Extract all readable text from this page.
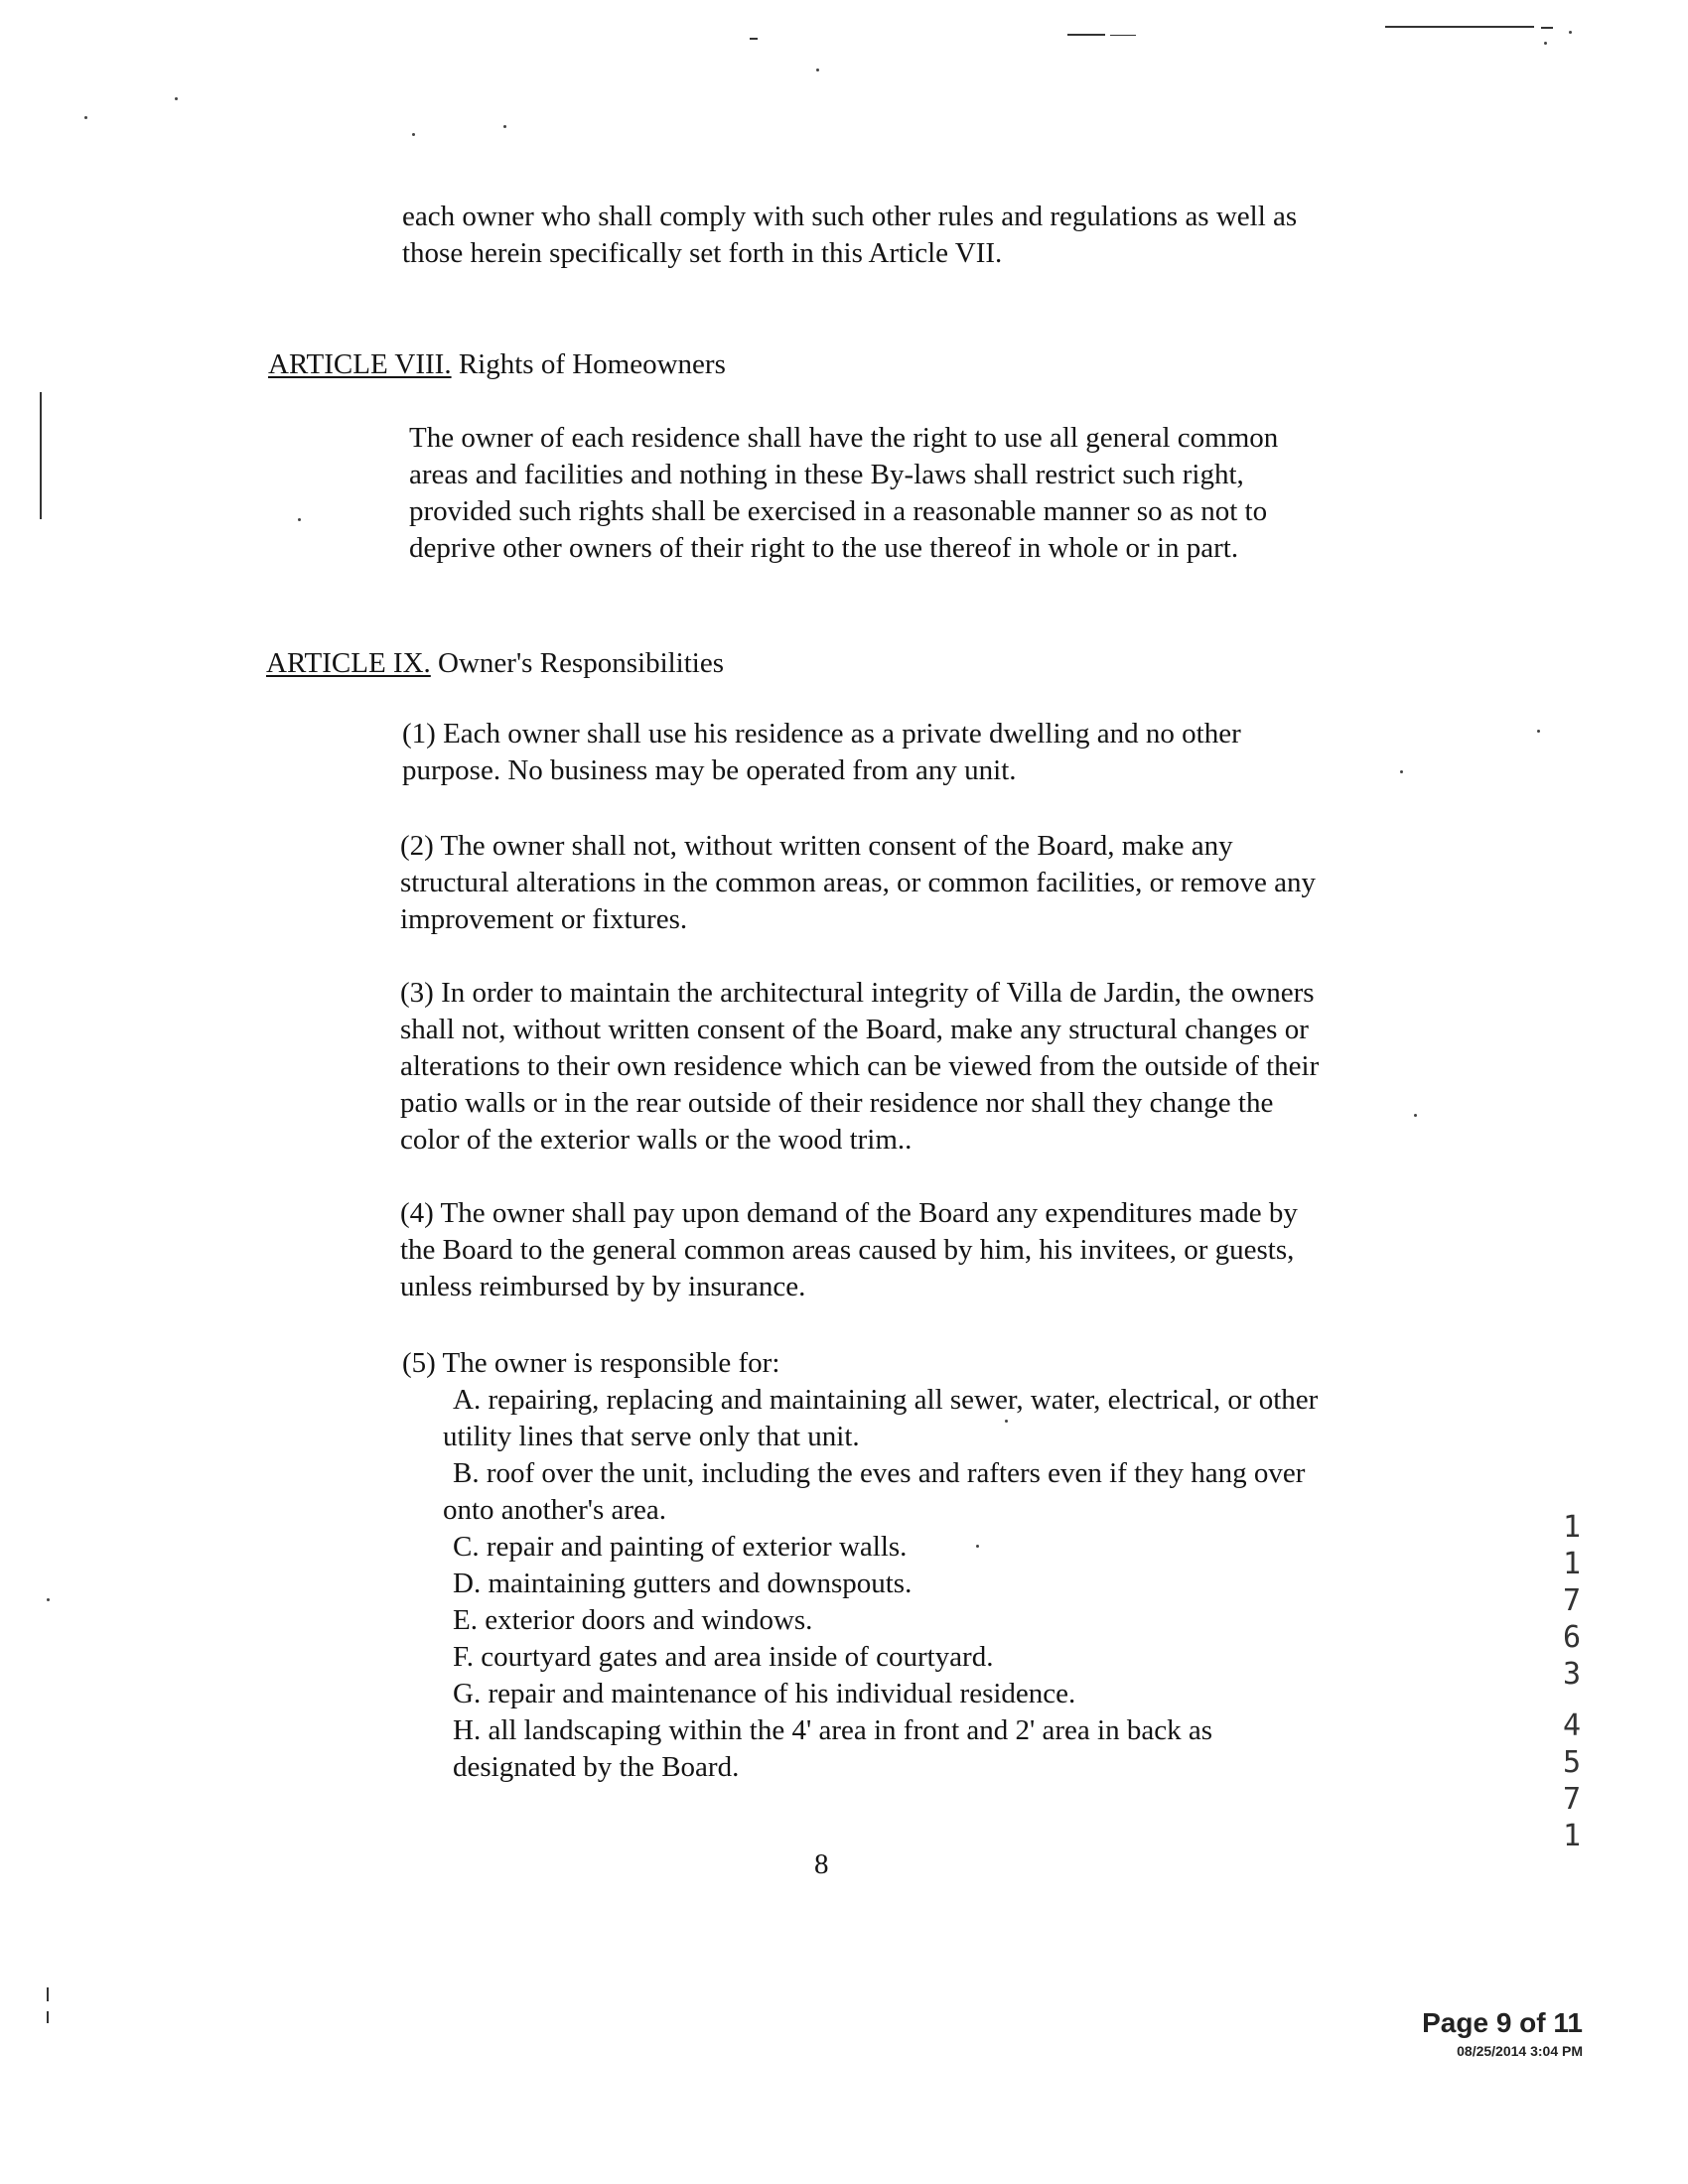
each owner who shall comply with such other rules and regulations as well as
those herein specifically set forth in this Article VII.
ARTICLE VIII. Rights of Homeowners
The owner of each residence shall have the right to use all general common
areas and facilities and nothing in these By-laws shall restrict such right,
provided such rights shall be exercised in a reasonable manner so as not to
deprive other owners of their right to the use thereof in whole or in part.
ARTICLE IX. Owner's Responsibilities
(1) Each owner shall use his residence as a private dwelling and no other
purpose. No business may be operated from any unit.
(2) The owner shall not, without written consent of the Board, make any
structural alterations in the common areas, or common facilities, or remove any
improvement or fixtures.
(3) In order to maintain the architectural integrity of Villa de Jardin, the owners
shall not, without written consent of the Board, make any structural changes or
alterations to their own residence which can be viewed from the outside of their
patio walls or in the rear outside of their residence nor shall they change the
color of the exterior walls or the wood trim..
(4) The owner shall pay upon demand of the Board any expenditures made by
the Board to the general common areas caused by him, his invitees, or guests,
unless reimbursed by by insurance.
(5) The owner is responsible for:
A. repairing, replacing and maintaining all sewer, water, electrical, or other
utility lines that serve only that unit.
B. roof over the unit, including the eves and rafters even if they hang over
onto another's area.
C. repair and painting of exterior walls.
D. maintaining gutters and downspouts.
E. exterior doors and windows.
F. courtyard gates and area inside of courtyard.
G. repair and maintenance of his individual residence.
H. all landscaping within the 4' area in front and 2' area in back as
designated by the Board.
8
1
1
7
6
3
4
5
7
1
Page 9 of 11
08/25/2014 3:04 PM
